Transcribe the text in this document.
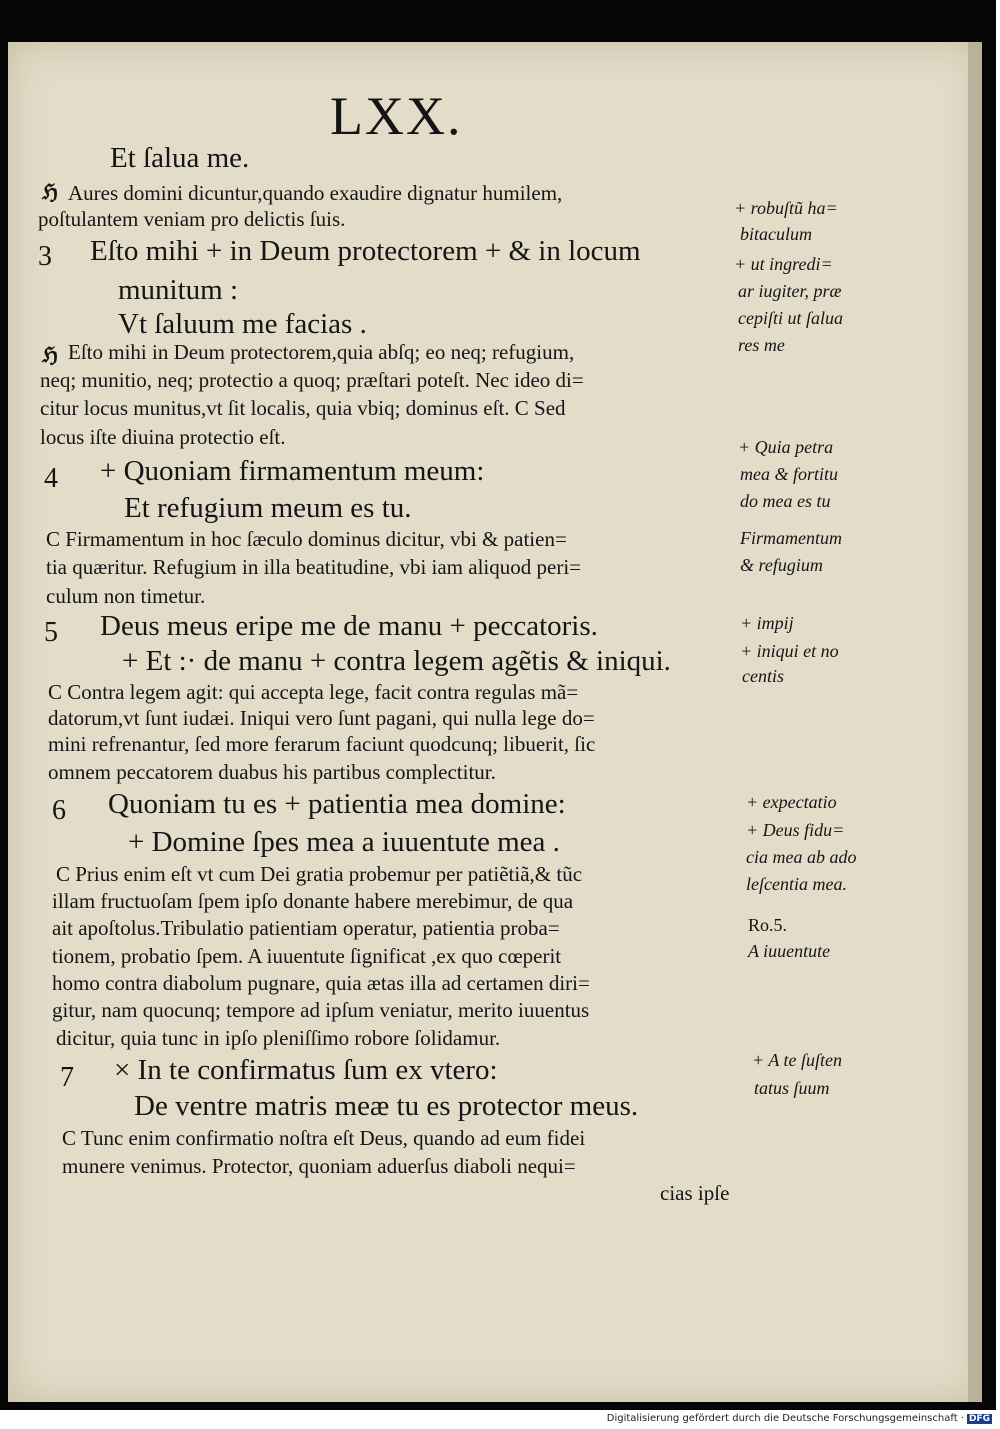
LXX.

Et ſalua me.

ℌ Aures domini dicuntur,quando exaudire dignatur humilem,

poſtulantem veniam pro delictis ſuis.

3 Eſto mihi + in Deum protectorem + & in locum

munitum :

Vt ſaluum me facias .

ℌ Eſto mihi in Deum protectorem,quia abſq; eo neq; refugium,

neq; munitio, neq; protectio a quoq; præſtari poteſt. Nec ideo di=

citur locus munitus,vt ſit localis, quia vbiq; dominus eſt. C Sed

locus iſte diuina protectio eſt.

4 + Quoniam firmamentum meum:

Et refugium meum es tu.

C Firmamentum in hoc ſæculo dominus dicitur, vbi & patien=

tia quæritur. Refugium in illa beatitudine, vbi iam aliquod peri=

culum non timetur.

5 Deus meus eripe me de manu + peccatoris.

+ Et :· de manu + contra legem agẽtis & iniqui.

C Contra legem agit: qui accepta lege, facit contra regulas mã=

datorum,vt ſunt iudæi. Iniqui vero ſunt pagani, qui nulla lege do=

mini refrenantur, ſed more ferarum faciunt quodcunq; libuerit, ſic

omnem peccatorem duabus his partibus complectitur.

6 Quoniam tu es + patientia mea domine:

+ Domine ſpes mea a iuuentute mea .

C Prius enim eſt vt cum Dei gratia probemur per patiẽtiã,& tũc

illam fructuoſam ſpem ipſo donante habere merebimur, de qua

ait apoſtolus.Tribulatio patientiam operatur, patientia proba=

tionem, probatio ſpem. A iuuentute ſignificat ,ex quo cœperit

homo contra diabolum pugnare, quia ætas illa ad certamen diri=

gitur, nam quocunq; tempore ad ipſum veniatur, merito iuuentus

dicitur, quia tunc in ipſo pleniſſimo robore ſolidamur.

7 × In te confirmatus ſum ex vtero:

De ventre matris meæ tu es protector meus.

C Tunc enim confirmatio noſtra eſt Deus, quando ad eum fidei

munere venimus. Protector, quoniam aduerſus diaboli nequi=

cias ipſe

+ robuſtũ ha=

bitaculum

+ ut ingredi=

ar iugiter, præ

cepiſti ut ſalua

res me

+ Quia petra

mea & fortitu

do mea es tu

Firmamentum

& refugium

+ impij

+ iniqui et no

centis

+ expectatio

+ Deus fidu=

cia mea ab ado

leſcentia mea.

Ro.5.

A iuuentute

+ A te ſuſten

tatus ſuum

Digitalisierung gefördert durch die Deutsche Forschungsgemeinschaft · DFG
